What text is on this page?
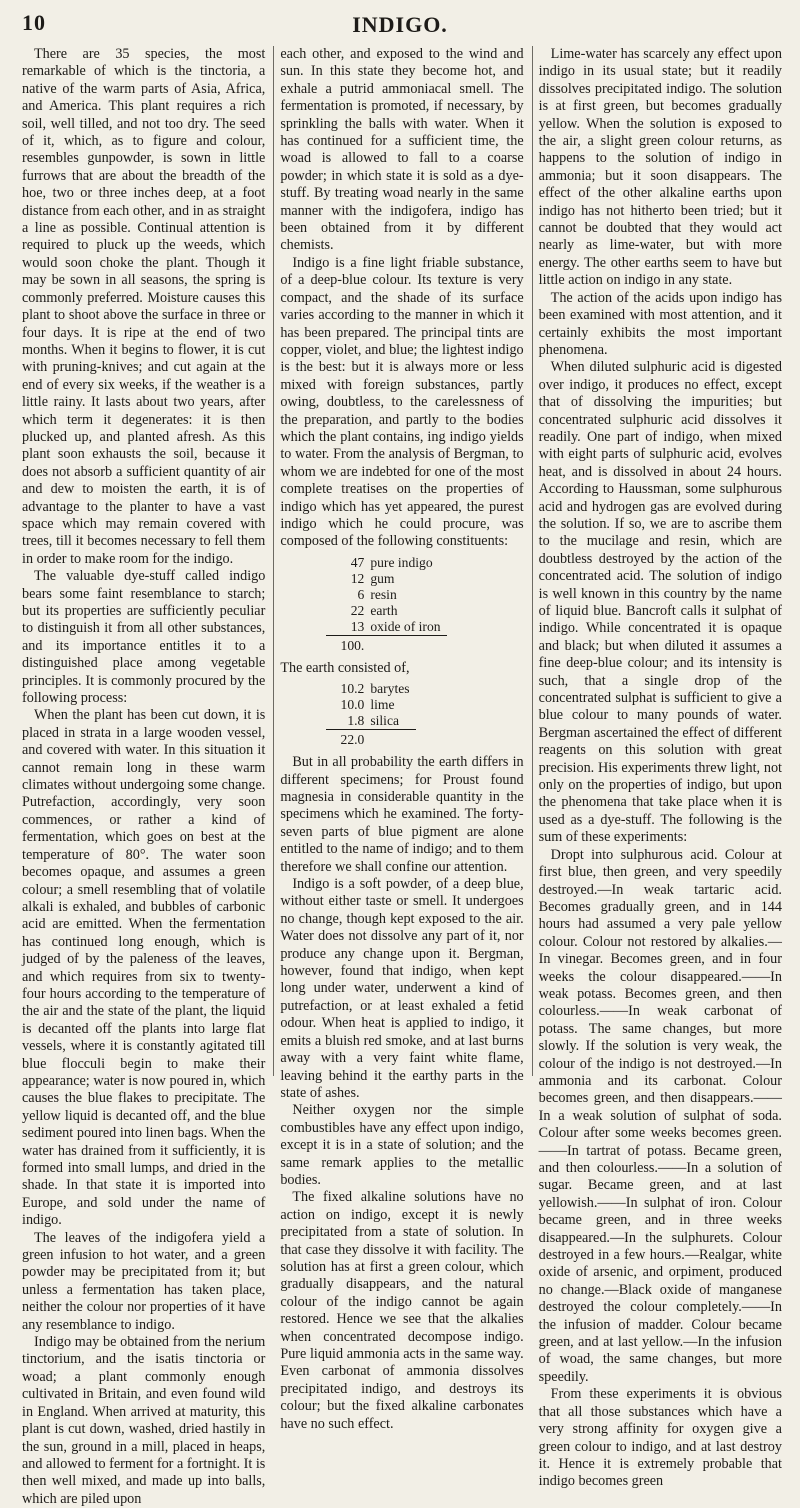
10	INDIGO.

There are 35 species, the most remarkable of which is the tinctoria, a native of the warm parts of Asia, Africa, and America. This plant requires a rich soil, well tilled, and not too dry. The seed of it, which, as to figure and colour, resembles gunpowder, is sown in little furrows that are about the breadth of the hoe, two or three inches deep, at a foot distance from each other, and in as straight a line as possible. Continual attention is required to pluck up the weeds, which would soon choke the plant. Though it may be sown in all seasons, the spring is commonly preferred. Moisture causes this plant to shoot above the surface in three or four days. It is ripe at the end of two months. When it begins to flower, it is cut with pruning-knives; and cut again at the end of every six weeks, if the weather is a little rainy. It lasts about two years, after which term it degenerates: it is then plucked up, and planted afresh. As this plant soon exhausts the soil, because it does not absorb a sufficient quantity of air and dew to moisten the earth, it is of advantage to the planter to have a vast space which may remain covered with trees, till it becomes necessary to fell them in order to make room for the indigo.

The valuable dye-stuff called indigo bears some faint resemblance to starch; but its properties are sufficiently peculiar to distinguish it from all other substances, and its importance entitles it to a distinguished place among vegetable principles. It is commonly procured by the following process:

When the plant has been cut down, it is placed in strata in a large wooden vessel, and covered with water. In this situation it cannot remain long in these warm climates without undergoing some change. Putrefaction, accordingly, very soon commences, or rather a kind of fermentation, which goes on best at the temperature of 80°. The water soon becomes opaque, and assumes a green colour; a smell resembling that of volatile alkali is exhaled, and bubbles of carbonic acid are emitted. When the fermentation has continued long enough, which is judged of by the paleness of the leaves, and which requires from six to twenty-four hours according to the temperature of the air and the state of the plant, the liquid is decanted off the plants into large flat vessels, where it is constantly agitated till blue flocculi begin to make their appearance; water is now poured in, which causes the blue flakes to precipitate. The yellow liquid is decanted off, and the blue sediment poured into linen bags. When the water has drained from it sufficiently, it is formed into small lumps, and dried in the shade. In that state it is imported into Europe, and sold under the name of indigo.

The leaves of the indigofera yield a green infusion to hot water, and a green powder may be precipitated from it; but unless a fermentation has taken place, neither the colour nor properties of it have any resemblance to indigo.

Indigo may be obtained from the nerium tinctorium, and the isatis tinctoria or woad; a plant commonly enough cultivated in Britain, and even found wild in England. When arrived at maturity, this plant is cut down, washed, dried hastily in the sun, ground in a mill, placed in heaps, and allowed to ferment for a fortnight. It is then well mixed, and made up into balls, which are piled upon

each other, and exposed to the wind and sun. In this state they become hot, and exhale a putrid ammoniacal smell. The fermentation is promoted, if necessary, by sprinkling the balls with water. When it has continued for a sufficient time, the woad is allowed to fall to a coarse powder; in which state it is sold as a dye-stuff. By treating woad nearly in the same manner with the indigofera, indigo has been obtained from it by different chemists.

Indigo is a fine light friable substance, of a deep-blue colour. Its texture is very compact, and the shade of its surface varies according to the manner in which it has been prepared. The principal tints are copper, violet, and blue; the lightest indigo is the best: but it is always more or less mixed with foreign substances, partly owing, doubtless, to the carelessness of the preparation, and partly to the bodies which the plant contains, ing indigo yields to water. From the analysis of Bergman, to whom we are indebted for one of the most complete treatises on the properties of indigo which has yet appeared, the purest indigo which he could procure, was composed of the following constituents:

47	pure indigo
12	gum
6	resin
22	earth
13	oxide of iron
100.	

The earth consisted of,

10.2	barytes
10.0	lime
1.8	silica
22.0	

But in all probability the earth differs in different specimens; for Proust found magnesia in considerable quantity in the specimens which he examined. The forty-seven parts of blue pigment are alone entitled to the name of indigo; and to them therefore we shall confine our attention.

Indigo is a soft powder, of a deep blue, without either taste or smell. It undergoes no change, though kept exposed to the air. Water does not dissolve any part of it, nor produce any change upon it. Bergman, however, found that indigo, when kept long under water, underwent a kind of putrefaction, or at least exhaled a fetid odour. When heat is applied to indigo, it emits a bluish red smoke, and at last burns away with a very faint white flame, leaving behind it the earthy parts in the state of ashes.

Neither oxygen nor the simple combustibles have any effect upon indigo, except it is in a state of solution; and the same remark applies to the metallic bodies.

The fixed alkaline solutions have no action on indigo, except it is newly precipitated from a state of solution. In that case they dissolve it with facility. The solution has at first a green colour, which gradually disappears, and the natural colour of the indigo cannot be again restored. Hence we see that the alkalies when concentrated decompose indigo. Pure liquid ammonia acts in the same way. Even carbonat of ammonia dissolves precipitated indigo, and destroys its colour; but the fixed alkaline carbonates have no such effect.

Lime-water has scarcely any effect upon indigo in its usual state; but it readily dissolves precipitated indigo. The solution is at first green, but becomes gradually yellow. When the solution is exposed to the air, a slight green colour returns, as happens to the solution of indigo in ammonia; but it soon disappears. The effect of the other alkaline earths upon indigo has not hitherto been tried; but it cannot be doubted that they would act nearly as lime-water, but with more energy. The other earths seem to have but little action on indigo in any state.

The action of the acids upon indigo has been examined with most attention, and it certainly exhibits the most important phenomena.

When diluted sulphuric acid is digested over indigo, it produces no effect, except that of dissolving the impurities; but concentrated sulphuric acid dissolves it readily. One part of indigo, when mixed with eight parts of sulphuric acid, evolves heat, and is dissolved in about 24 hours. According to Haussman, some sulphurous acid and hydrogen gas are evolved during the solution. If so, we are to ascribe them to the mucilage and resin, which are doubtless destroyed by the action of the concentrated acid. The solution of indigo is well known in this country by the name of liquid blue. Bancroft calls it sulphat of indigo. While concentrated it is opaque and black; but when diluted it assumes a fine deep-blue colour; and its intensity is such, that a single drop of the concentrated sulphat is sufficient to give a blue colour to many pounds of water. Bergman ascertained the effect of different reagents on this solution with great precision. His experiments threw light, not only on the properties of indigo, but upon the phenomena that take place when it is used as a dye-stuff. The following is the sum of these experiments:

Dropt into sulphurous acid. Colour at first blue, then green, and very speedily destroyed.—In weak tartaric acid. Becomes gradually green, and in 144 hours had assumed a very pale yellow colour. Colour not restored by alkalies.—In vinegar. Becomes green, and in four weeks the colour disappeared.——In weak potass. Becomes green, and then colourless.——In weak carbonat of potass. The same changes, but more slowly. If the solution is very weak, the colour of the indigo is not destroyed.—In ammonia and its carbonat. Colour becomes green, and then disappears.——In a weak solution of sulphat of soda. Colour after some weeks becomes green.——In tartrat of potass. Became green, and then colourless.——In a solution of sugar. Became green, and at last yellowish.——In sulphat of iron. Colour became green, and in three weeks disappeared.—In the sulphurets. Colour destroyed in a few hours.—Realgar, white oxide of arsenic, and orpiment, produced no change.—Black oxide of manganese destroyed the colour completely.——In the infusion of madder. Colour became green, and at last yellow.—In the infusion of woad, the same changes, but more speedily.

From these experiments it is obvious that all those substances which have a very strong affinity for oxygen give a green colour to indigo, and at last destroy it. Hence it is extremely probable that indigo becomes green
